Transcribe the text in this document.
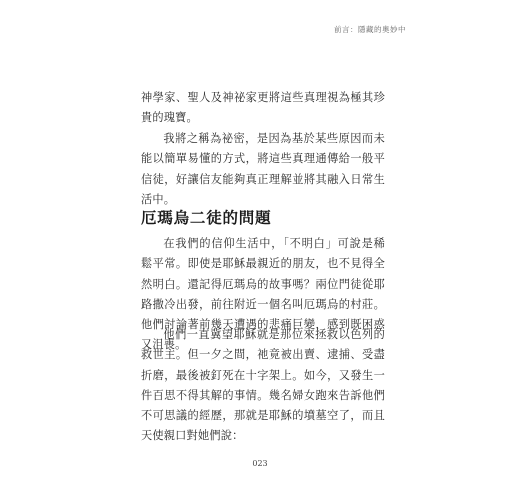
前言：隱藏的奧妙中

神學家、聖人及神祕家更將這些真理視為極其珍貴的瑰寶。

我將之稱為祕密，是因為基於某些原因而未能以簡單易懂的方式，將這些真理通傳給一般平信徒，好讓信友能夠真正理解並將其融入日常生活中。

厄瑪烏二徒的問題

在我們的信仰生活中，「不明白」可說是稀鬆平常。即使是耶穌最親近的朋友，也不見得全然明白。還記得厄瑪烏的故事嗎？兩位門徒從耶路撒冷出發，前往附近一個名叫厄瑪烏的村莊。他們討論著前幾天遭遇的悲痛巨變，感到既困惑又沮喪。

他們一直冀望耶穌就是那位來拯救以色列的救世主。但一夕之間，祂竟被出賣、逮捕、受盡折磨，最後被釘死在十字架上。如今，又發生一件百思不得其解的事情。幾名婦女跑來告訴他們不可思議的經歷，那就是耶穌的墳墓空了，而且天使親口對她們說：

023
